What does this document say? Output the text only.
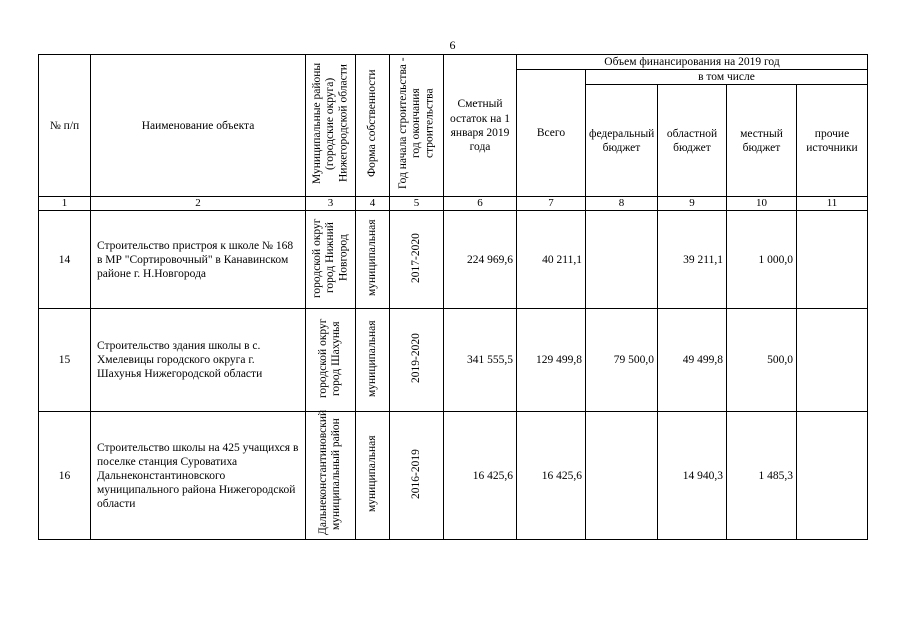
6
№ п/п	Наименование объекта	Муниципальные районы (городские округа) Нижегородской области	Форма собственности	Год начала строительства - год окончания строительства	Сметный остаток на 1 января 2019 года	Объем финансирования на 2019 год				
						Всего	в том числе			
							федеральный бюджет	областной бюджет	местный бюджет	прочие источники
1	2	3	4	5	6	7	8	9	10	11
14	Строительство пристроя к школе № 168 в МР "Сортировочный" в Канавинском районе г. Н.Новгорода	городской округ город Нижний Новгород	муниципальная	2017-2020	224 969,6	40 211,1		39 211,1	1 000,0	
15	Строительство здания школы в с. Хмелевицы городского округа г. Шахунья Нижегородской области	городской округ город Шахунья	муниципальная	2019-2020	341 555,5	129 499,8	79 500,0	49 499,8	500,0	
16	Строительство школы на 425 учащихся в поселке станция Суроватиха Дальнеконстантиновского муниципального района Нижегородской области	Дальнеконстантиновский муниципальный район	муниципальная	2016-2019	16 425,6	16 425,6		14 940,3	1 485,3	
